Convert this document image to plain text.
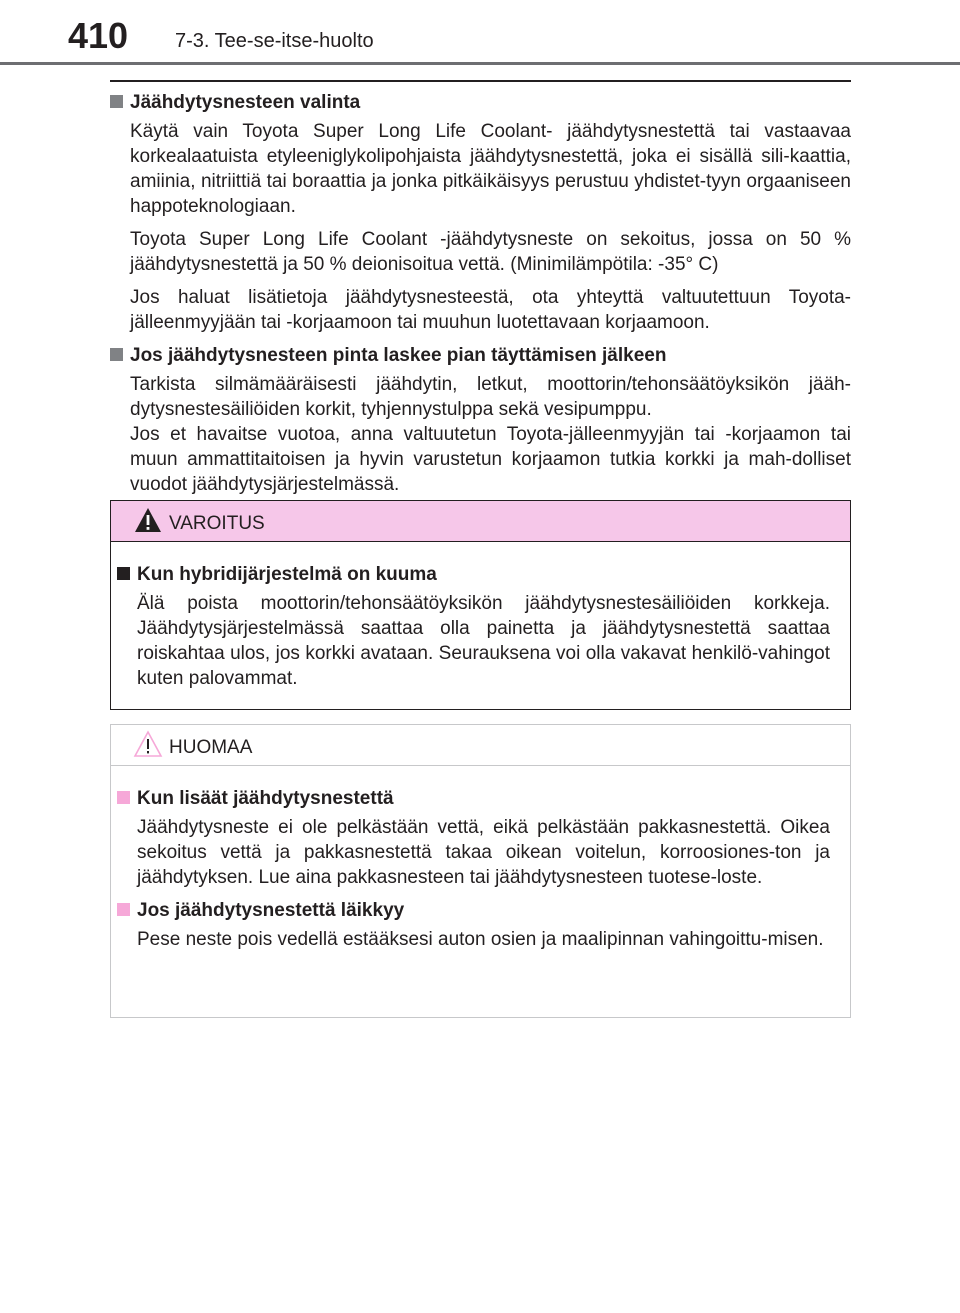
410 7-3. Tee-se-itse-huolto
Jäähdytysnesteen valinta

Käytä vain Toyota Super Long Life Coolant- jäähdytysnestettä tai vastaavaa korkealaatuista etyleeniglykolipohjaista jäähdytysnestettä, joka ei sisällä sili-kaattia, amiinia, nitriittiä tai boraattia ja jonka pitkäikäisyys perustuu yhdistet-tyyn orgaaniseen happoteknologiaan.

Toyota Super Long Life Coolant -jäähdytysneste on sekoitus, jossa on 50 % jäähdytysnestettä ja 50 % deionisoitua vettä. (Minimilämpötila: -35° C)

Jos haluat lisätietoja jäähdytysnesteestä, ota yhteyttä valtuutettuun Toyota-jälleenmyyjään tai -korjaamoon tai muuhun luotettavaan korjaamoon.

Jos jäähdytysnesteen pinta laskee pian täyttämisen jälkeen

Tarkista silmämääräisesti jäähdytin, letkut, moottorin/tehonsäätöyksikön jääh-dytysnestesäiliöiden korkit, tyhjennystulppa sekä vesipumppu.

Jos et havaitse vuotoa, anna valtuutetun Toyota-jälleenmyyjän tai -korjaamon tai muun ammattitaitoisen ja hyvin varustetun korjaamon tutkia korkki ja mah-dolliset vuodot jäähdytysjärjestelmässä.

VAROITUS
Kun hybridijärjestelmä on kuuma

Älä poista moottorin/tehonsäätöyksikön jäähdytysnestesäiliöiden korkkeja. Jäähdytysjärjestelmässä saattaa olla painetta ja jäähdytysnestettä saattaa roiskahtaa ulos, jos korkki avataan. Seurauksena voi olla vakavat henkilö-vahingot kuten palovammat.

HUOMAA
Kun lisäät jäähdytysnestettä

Jäähdytysneste ei ole pelkästään vettä, eikä pelkästään pakkasnestettä. Oikea sekoitus vettä ja pakkasnestettä takaa oikean voitelun, korroosiones-ton ja jäähdytyksen. Lue aina pakkasnesteen tai jäähdytysnesteen tuotese-loste.

Jos jäähdytysnestettä läikkyy

Pese neste pois vedellä estääksesi auton osien ja maalipinnan vahingoittu-misen.
